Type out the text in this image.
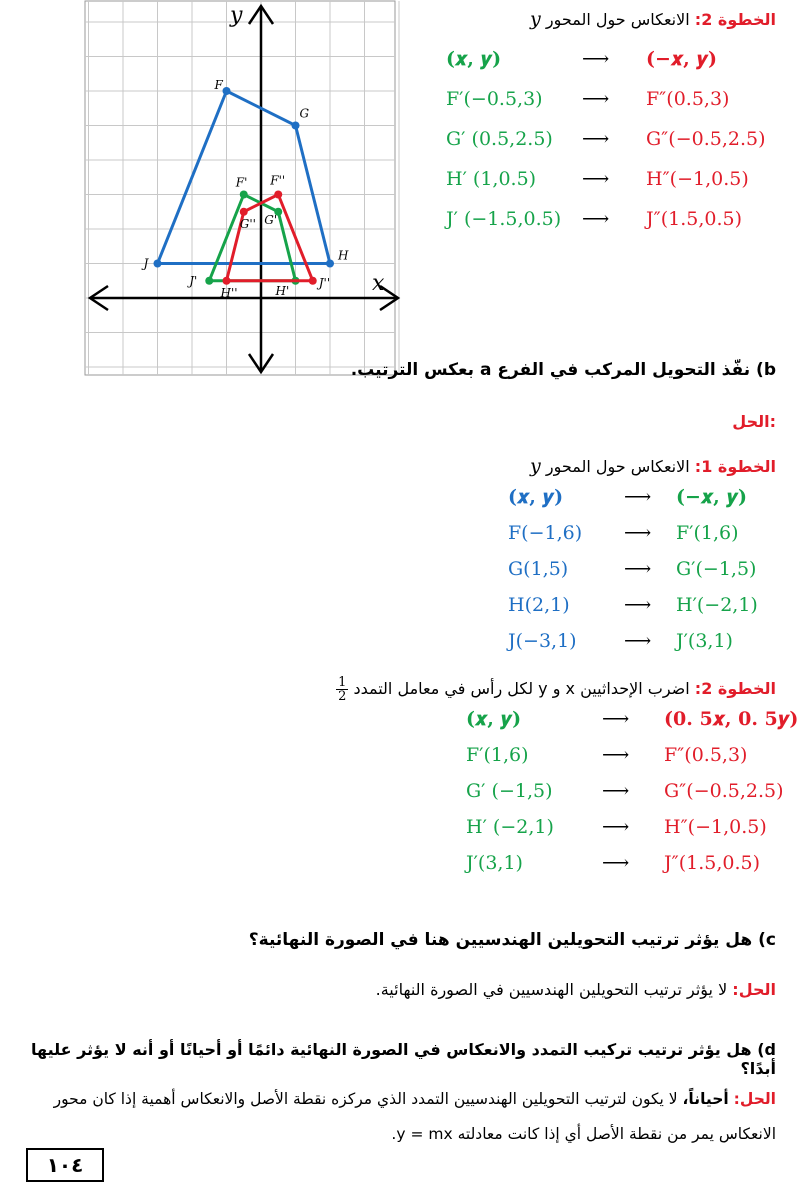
x
y
F
G
H
J
F'
G'
H'
J'
F''
G''
H''
J''
الخطوة 2: الانعكاس حول المحور y
(𝒙, 𝒚)	⟶ (−𝒙, 𝒚)
F′(−0.5,3) ⟶ F″(0.5,3)
G′ (0.5,2.5) ⟶ G″(−0.5,2.5)
H′ (1,0.5) ⟶ H″(−1,0.5)
J′ (−1.5,0.5) ⟶ J″(1.5,0.5)
b) نفّذ التحويل المركب في الفرع a بعكس الترتيب.
الحل:
الخطوة 1: الانعكاس حول المحور y
(𝒙, 𝒚)	⟶ (−𝒙, 𝒚)
F(−1,6) ⟶ F′(1,6)
G(1,5)	⟶ G′(−1,5)
H(2,1)	⟶ H′(−2,1)
J(−3,1) ⟶ J′(3,1)
الخطوة 2: اضرب الإحداثيين x و y لكل رأس في معامل التمدد
$\frac{1}{2}$
(𝒙, 𝒚)	⟶ (𝟎. 𝟓𝒙, 𝟎. 𝟓𝒚)
F′(1,6)	⟶ F″(0.5,3)
G′ (−1,5)	⟶ G″(−0.5,2.5)
H′ (−2,1)	⟶ H″(−1,0.5)
J′(3,1)	⟶ J″(1.5,0.5)
c) هل يؤثر ترتيب التحويلين الهندسيين هنا في الصورة النهائية؟
الحل: لا يؤثر ترتيب التحويلين الهندسيين في الصورة النهائية.
d) هل يؤثر ترتيب تركيب التمدد والانعكاس في الصورة النهائية دائمًا أو أحيانًا أو أنه لا يؤثر عليها أبدًا؟
الحل: أحياناً، لا يكون لترتيب التحويلين الهندسيين التمدد الذي مركزه نقطة الأصل والانعكاس أهمية إذا كان محور
الانعكاس يمر من نقطة الأصل أي إذا كانت معادلته y = mx.
١٠٤
